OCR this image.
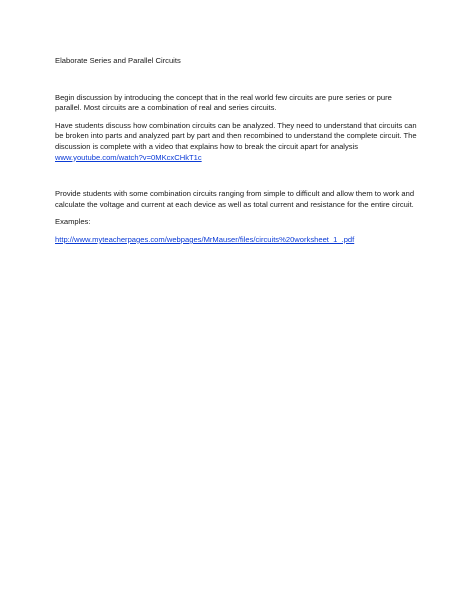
Elaborate Series and Parallel Circuits

Begin discussion by introducing the concept that in the real world few circuits are pure series or pure parallel. Most circuits are a combination of real and series circuits.

Have students discuss how combination circuits can be analyzed. They need to understand that circuits can be broken into parts and analyzed part by part and then recombined to understand the complete circuit. The discussion is complete with a video that explains how to break the circuit apart for analysis
www.youtube.com/watch?v=0MKcxCHkT1c

Provide students with some combination circuits ranging from simple to difficult and allow them to work and calculate the voltage and current at each device as well as total current and resistance for the entire circuit.

Examples:

http://www.myteacherpages.com/webpages/MrMauser/files/circuits%20worksheet_1_.pdf
